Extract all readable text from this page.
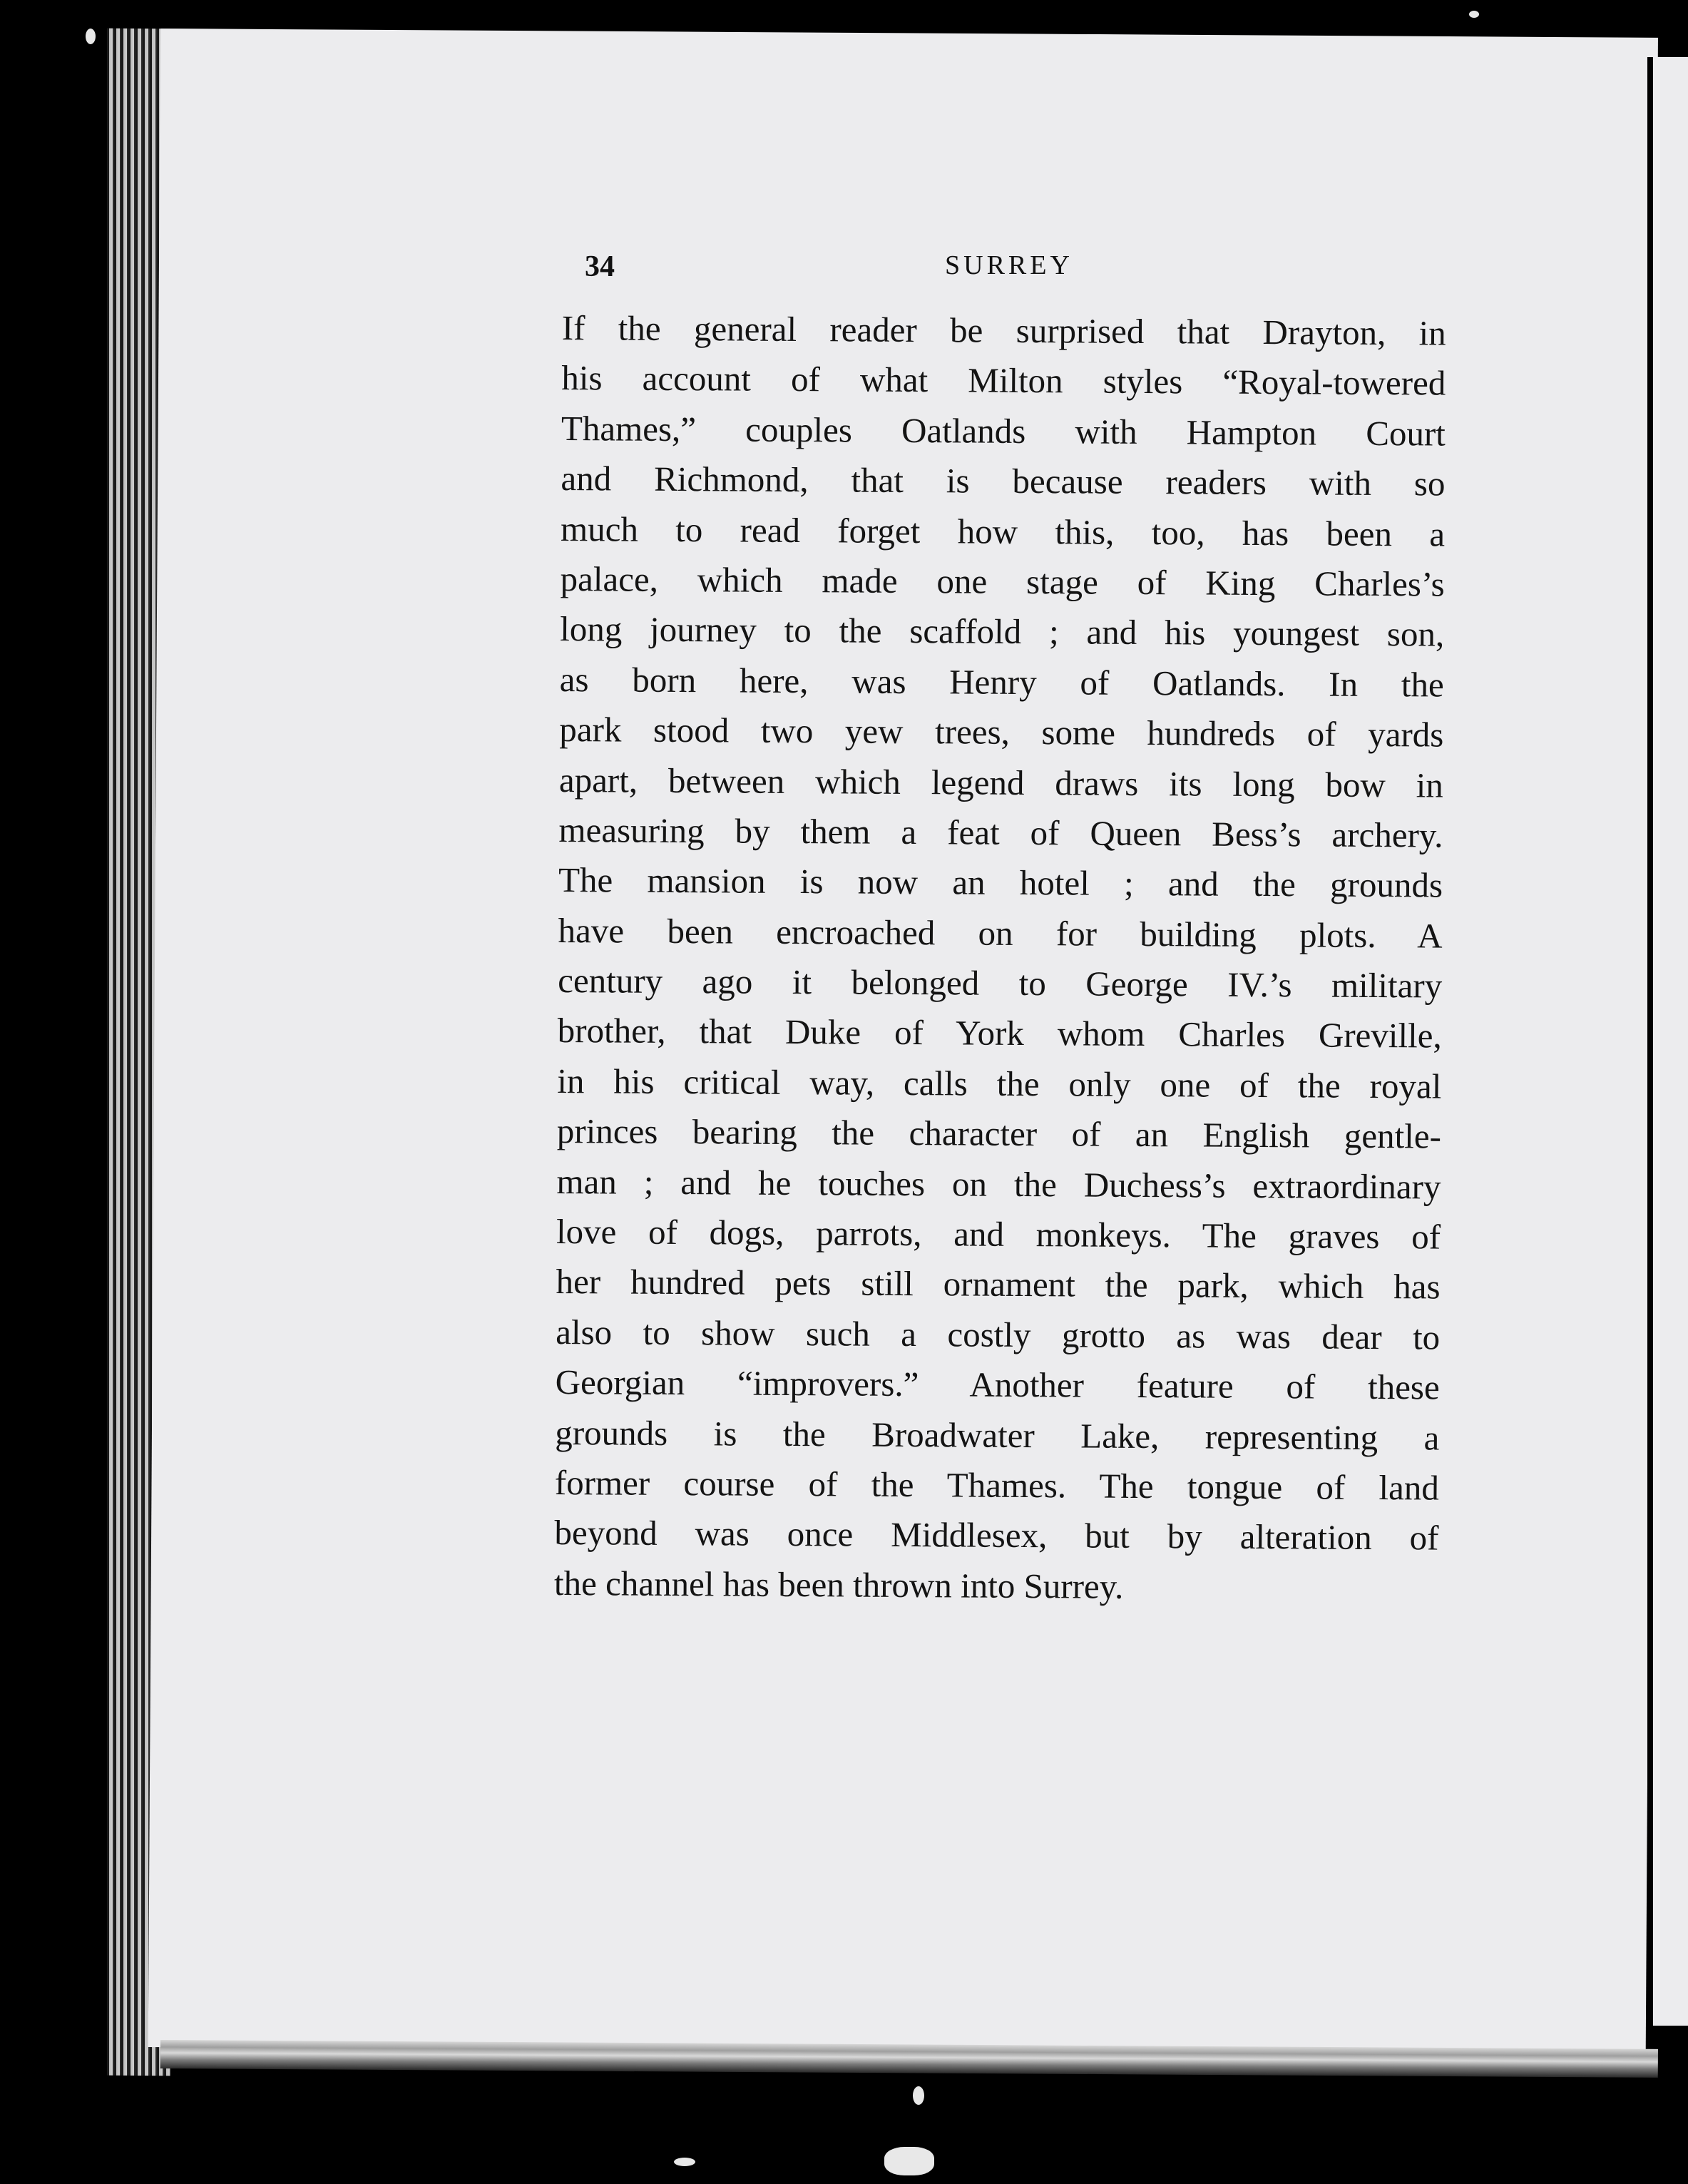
34	SURREY
If the general reader be surprised that Drayton, in
his account of what Milton styles “Royal-towered
Thames,” couples Oatlands with Hampton Court
and Richmond, that is because readers with so
much to read forget how this, too, has been a
palace, which made one stage of King Charles’s
long journey to the scaffold ; and his youngest son,
as born here, was Henry of Oatlands. In the
park stood two yew trees, some hundreds of yards
apart, between which legend draws its long bow in
measuring by them a feat of Queen Bess’s archery.
The mansion is now an hotel ; and the grounds
have been encroached on for building plots. A
century ago it belonged to George IV.’s military
brother, that Duke of York whom Charles Greville,
in his critical way, calls the only one of the royal
princes bearing the character of an English gentle-
man ; and he touches on the Duchess’s extraordinary
love of dogs, parrots, and monkeys. The graves of
her hundred pets still ornament the park, which has
also to show such a costly grotto as was dear to
Georgian “improvers.” Another feature of these
grounds is the Broadwater Lake, representing a
former course of the Thames. The tongue of land
beyond was once Middlesex, but by alteration of
the channel has been thrown into Surrey.
